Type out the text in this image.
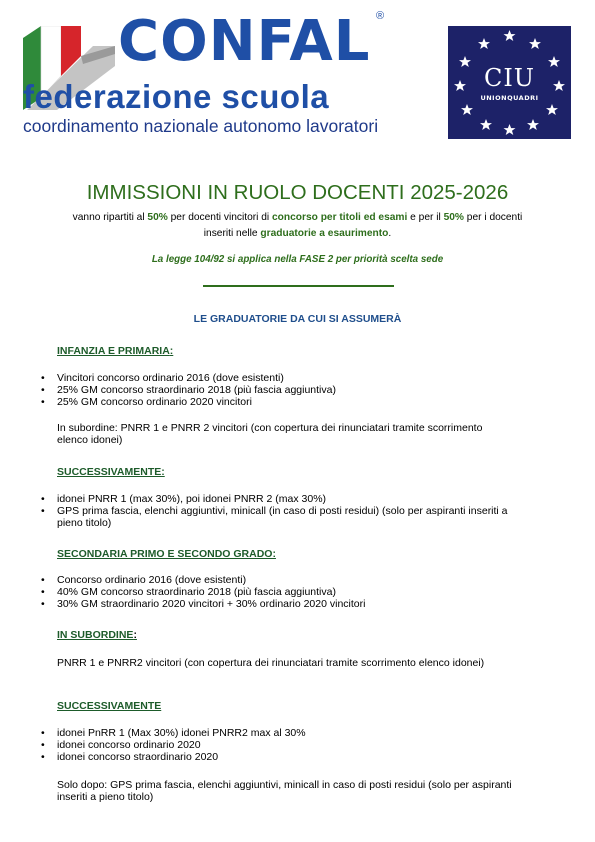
CONFAL ®
federazione scuola
coordinamento nazionale autonomo lavoratori
CIU
UNIONQUADRI
IMMISSIONI IN RUOLO DOCENTI 2025-2026
vanno ripartiti al 50% per docenti vincitori di concorso per titoli ed esami e per il 50% per i docenti
inseriti nelle graduatorie a esaurimento.
La legge 104/92 si applica nella FASE 2 per priorità scelta sede
LE GRADUATORIE DA CUI SI ASSUMERÀ
INFANZIA E PRIMARIA:
• Vincitori concorso ordinario 2016 (dove esistenti)
• 25% GM concorso straordinario 2018 (più fascia aggiuntiva)
• 25% GM concorso ordinario 2020 vincitori

In subordine: PNRR 1 e PNRR 2 vincitori (con copertura dei rinunciatari tramite scorrimento elenco idonei)

SUCCESSIVAMENTE:
• idonei PNRR 1 (max 30%), poi idonei PNRR 2 (max 30%)
• GPS prima fascia, elenchi aggiuntivi, minicall (in caso di posti residui) (solo per aspiranti inseriti a pieno titolo)
SECONDARIA PRIMO E SECONDO GRADO:
• Concorso ordinario 2016 (dove esistenti)
• 40% GM concorso straordinario 2018 (più fascia aggiuntiva)
• 30% GM straordinario 2020 vincitori + 30% ordinario 2020 vincitori
IN SUBORDINE:

PNRR 1 e PNRR2 vincitori (con copertura dei rinunciatari tramite scorrimento elenco idonei)

SUCCESSIVAMENTE
• idonei PnRR 1 (Max 30%) idonei PNRR2 max al 30%
• idonei concorso ordinario 2020
• idonei concorso straordinario 2020

Solo dopo: GPS prima fascia, elenchi aggiuntivi, minicall in caso di posti residui (solo per aspiranti inseriti a pieno titolo)
